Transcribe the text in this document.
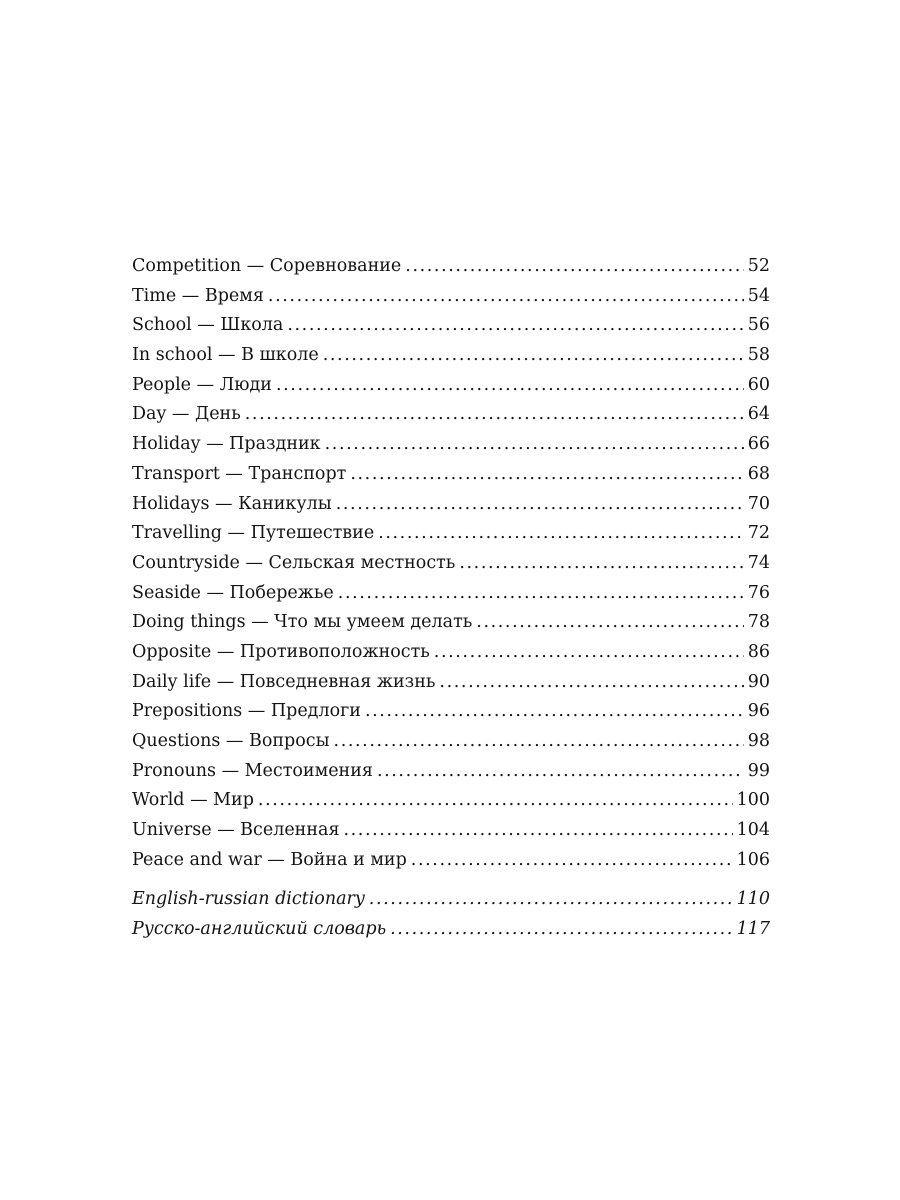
Competition — Соревнование .....	52
Time — Время .....	54
School — Школа .....	56
In school — В школе .....	58
People — Люди .....	60
Day — День .....	64
Holiday — Праздник .....	66
Transport — Транспорт .....	68
Holidays — Каникулы .....	70
Travelling — Путешествие .....	72
Countryside — Сельская местность .....	74
Seaside — Побережье .....	76
Doing things — Что мы умеем делать .....	78
Opposite — Противоположность .....	86
Daily life — Повседневная жизнь .....	90
Prepositions — Предлоги .....	96
Questions — Вопросы .....	98
Pronouns — Местоимения .....	99
World — Мир .....	100
Universe — Вселенная .....	104
Peace and war — Война и мир .....	106
English-russian dictionary .....	110
Русско-английский словарь .....	117
